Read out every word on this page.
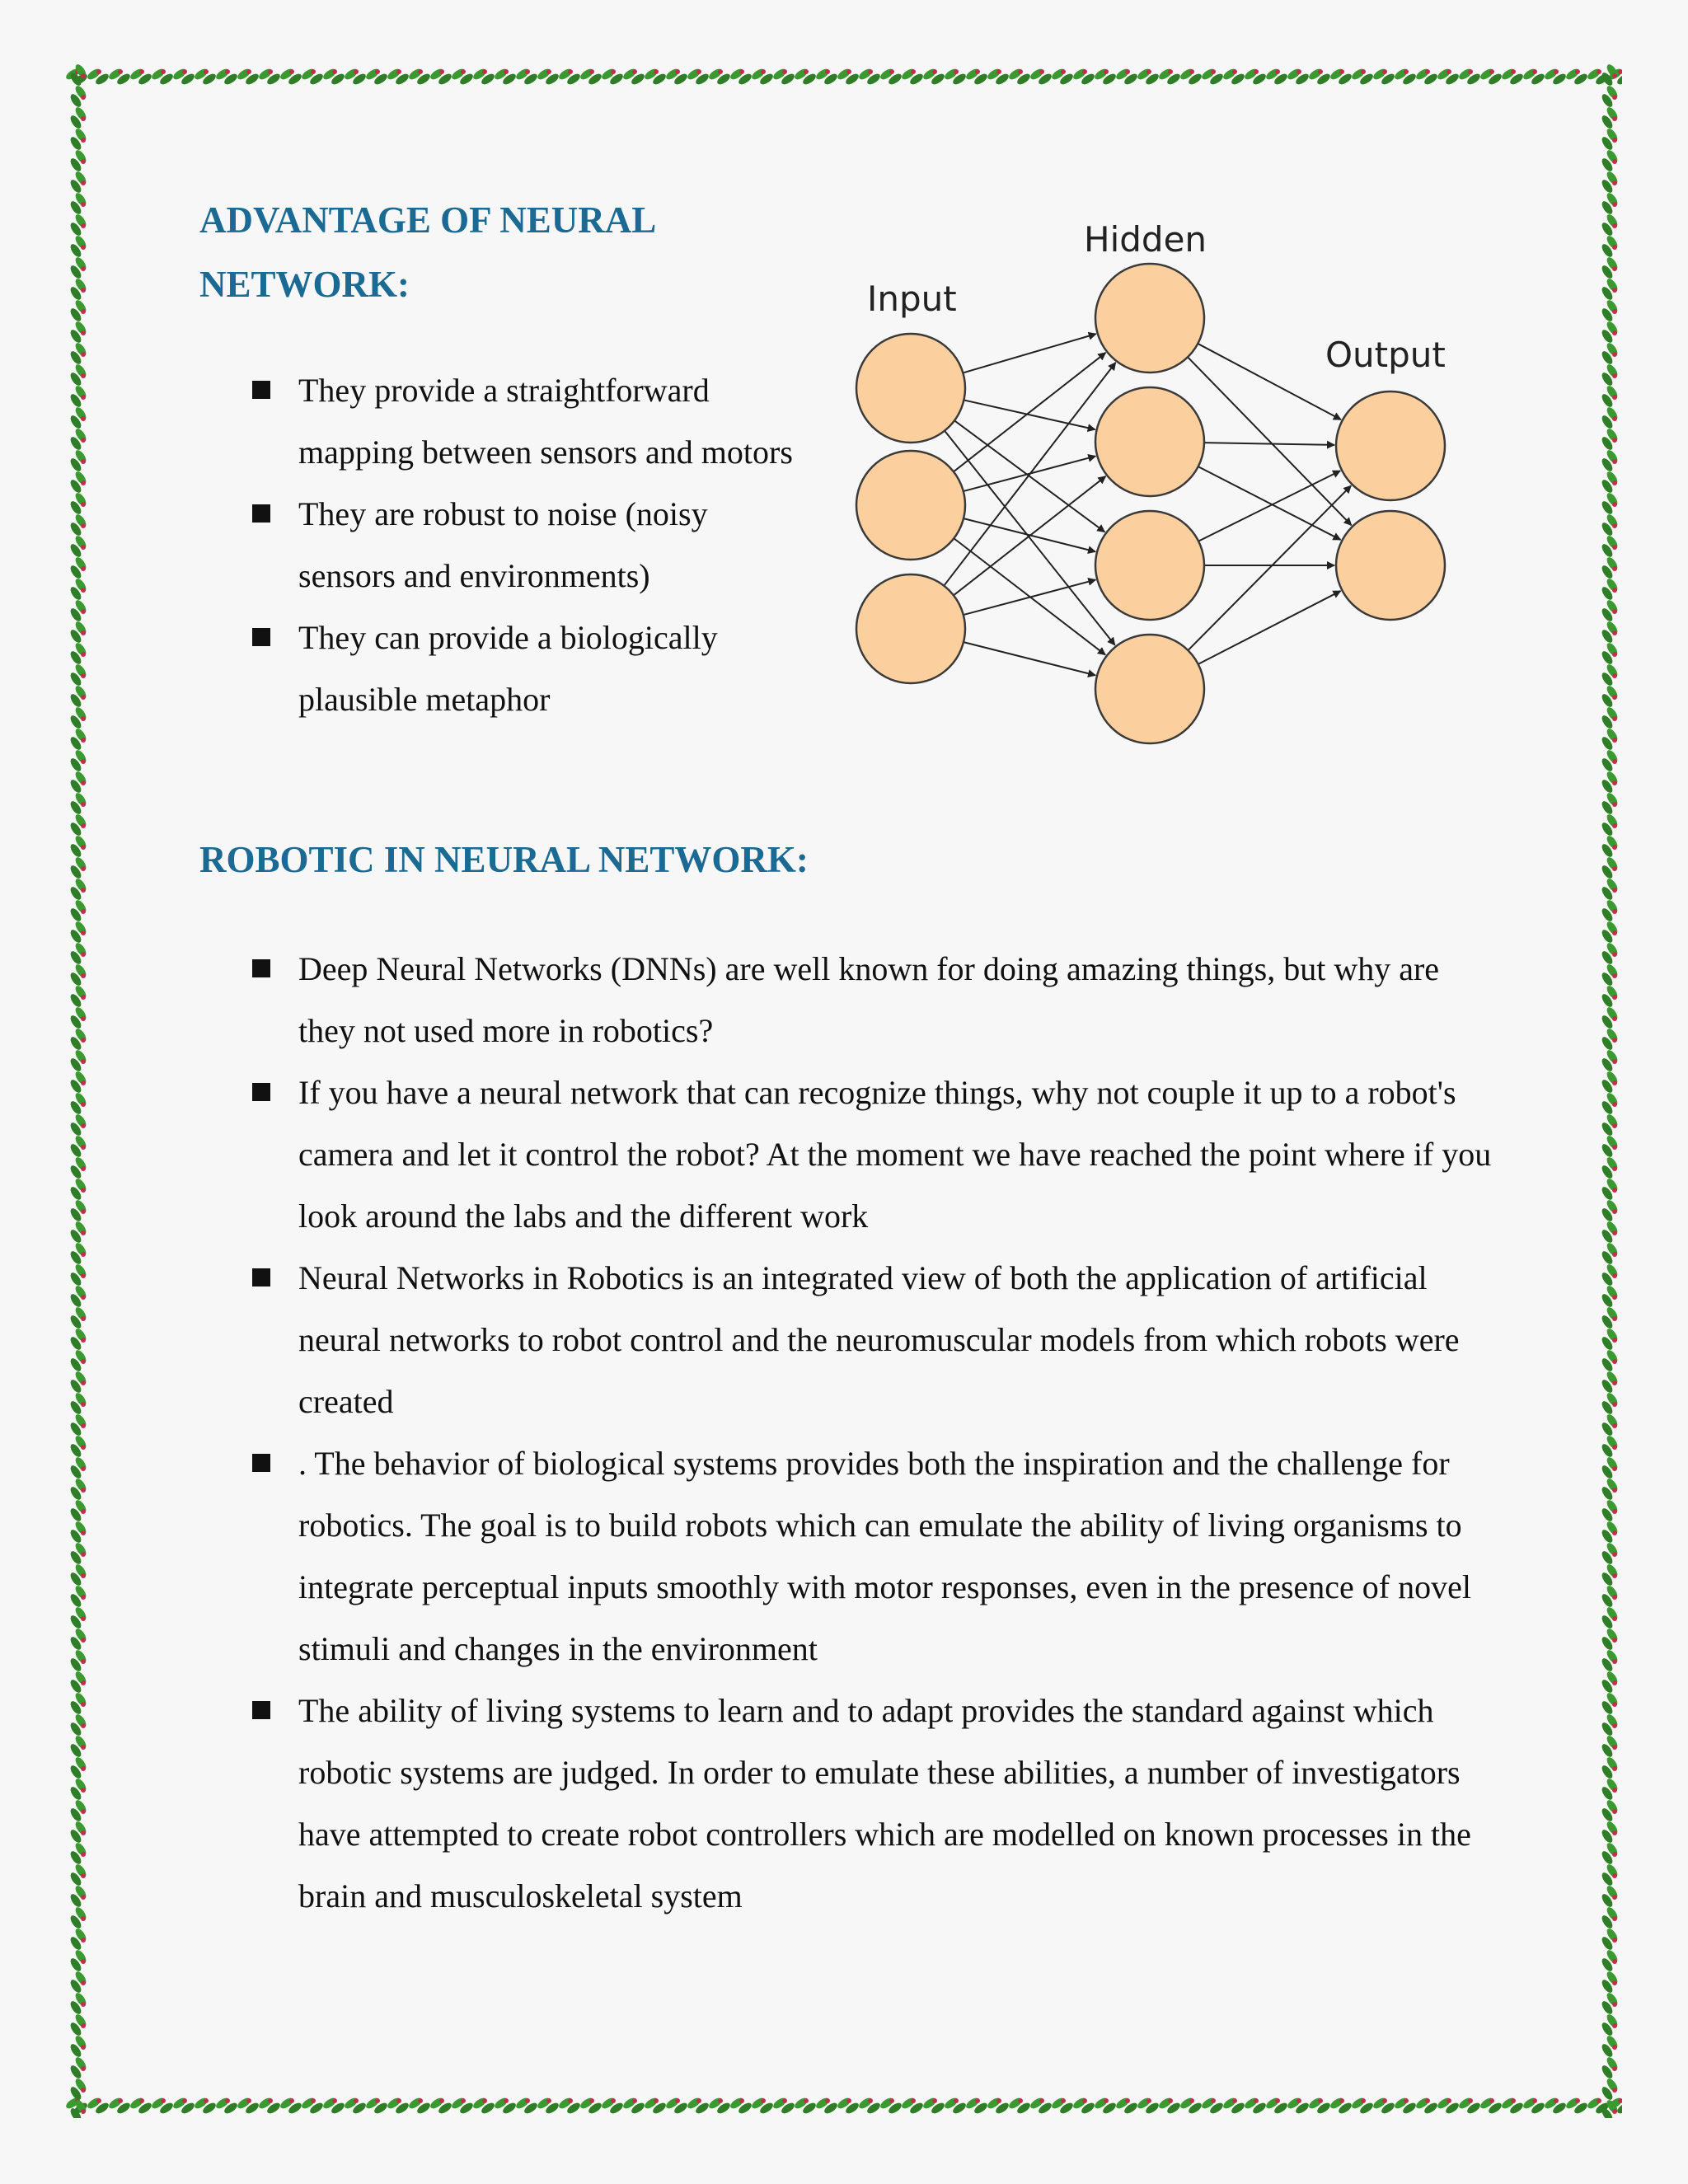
ADVANTAGE OF NEURAL NETWORK:
They provide a straightforward mapping between sensors and motors
They are robust to noise (noisy sensors and environments)
They can provide a biologically plausible metaphor
Input
Hidden
Output
ROBOTIC IN NEURAL NETWORK:
Deep Neural Networks (DNNs) are well known for doing amazing things, but why are they not used more in robotics?
If you have a neural network that can recognize things, why not couple it up to a robot's camera and let it control the robot? At the moment we have reached the point where if you look around the labs and the different work
Neural Networks in Robotics is an integrated view of both the application of artificial neural networks to robot control and the neuromuscular models from which robots were created
. The behavior of biological systems provides both the inspiration and the challenge for robotics. The goal is to build robots which can emulate the ability of living organisms to integrate perceptual inputs smoothly with motor responses, even in the presence of novel stimuli and changes in the environment
The ability of living systems to learn and to adapt provides the standard against which robotic systems are judged. In order to emulate these abilities, a number of investigators have attempted to create robot controllers which are modelled on known processes in the brain and musculoskeletal system
